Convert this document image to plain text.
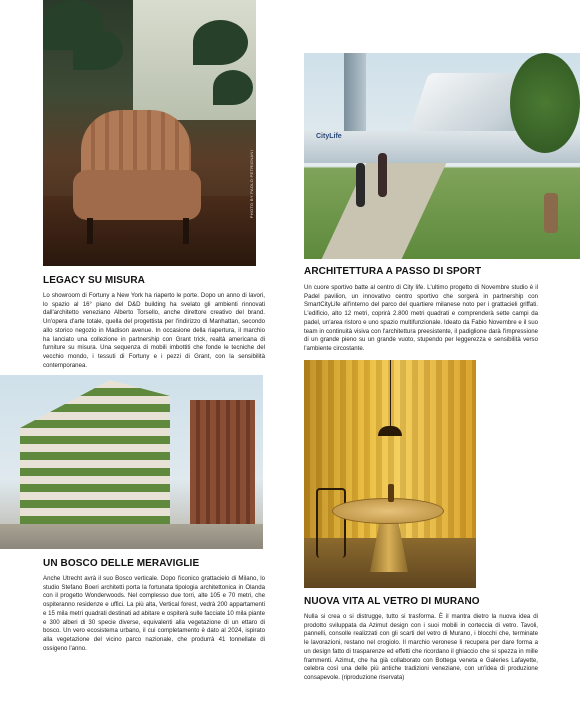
PHOTO BY PAOLO PETRIGNANI
CityLife
LEGACY SU MISURA

Lo showroom di Fortuny a New York ha riaperto le porte. Dopo un anno di lavori, lo spazio al 16° piano del D&D building ha svelato gli ambienti rinnovati dall'architetto veneziano Alberto Torsello, anche direttore creativo del brand. Un'opera d'arte totale, quella del progettista per l'indirizzo di Manhattan, secondo allo storico negozio in Madison avenue. In occasione della riapertura, il marchio ha lanciato una collezione in partnership con Grant trick, realtà americana di furniture su misura. Una sequenza di mobili imbottiti che fonde le tecniche del vecchio mondo, i tessuti di Fortuny e i pezzi di Grant, con la sensibilità contemporanea.

ARCHITETTURA A PASSO DI SPORT

Un cuore sportivo batte al centro di City life. L'ultimo progetto di Novembre studio è il Padel pavilion, un innovativo centro sportivo che sorgerà in partnership con SmartCityLife all'interno del parco del quartiere milanese noto per i grattacieli griffati. L'edificio, alto 12 metri, coprirà 2.800 metri quadrati e comprenderà sette campi da padel, un'area ristoro e uno spazio multifunzionale. Ideato da Fabio Novembre e il suo team in continuità visiva con l'architettura preesistente, il padiglione darà l'impressione di un grande pieno su un grande vuoto, stupendo per leggerezza e sensibilità verso l'ambiente circostante.

UN BOSCO DELLE MERAVIGLIE

Anche Utrecht avrà il suo Bosco verticale. Dopo l'iconico grattacielo di Milano, lo studio Stefano Boeri architetti porta la fortunata tipologia architettonica in Olanda con il progetto Wonderwoods. Nel complesso due torri, alte 105 e 70 metri, che ospiteranno residenze e uffici. La più alta, Vertical forest, vedrà 200 appartamenti e 15 mila metri quadrati destinati ad abitare e ospiterà sulle facciate 10 mila piante e 300 alberi di 30 specie diverse, equivalenti alla vegetazione di un ettaro di bosco. Un vero ecosistema urbano, il cui completamento è dato al 2024, ispirato alla vegetazione del vicino parco nazionale, che produrrà 41 tonnellate di ossigeno l'anno.

NUOVA VITA AL VETRO DI MURANO

Nulla si crea o si distrugge, tutto si trasforma. È il mantra dietro la nuova idea di prodotto sviluppata da Azimut design con i suoi mobili in corteccia di vetro. Tavoli, pannelli, consolle realizzati con gli scarti del vetro di Murano, i blocchi che, terminate le lavorazioni, restano nel crogiolo. Il marchio veronese li recupera per dare forma a un design fatto di trasparenze ed effetti che ricordano il ghiaccio che si spezza in mille frammenti. Azimut, che ha già collaborato con Bottega veneta e Galeries Lafayette, celebra così una delle più antiche tradizioni veneziane, con un'idea di produzione consapevole. (riproduzione riservata)
